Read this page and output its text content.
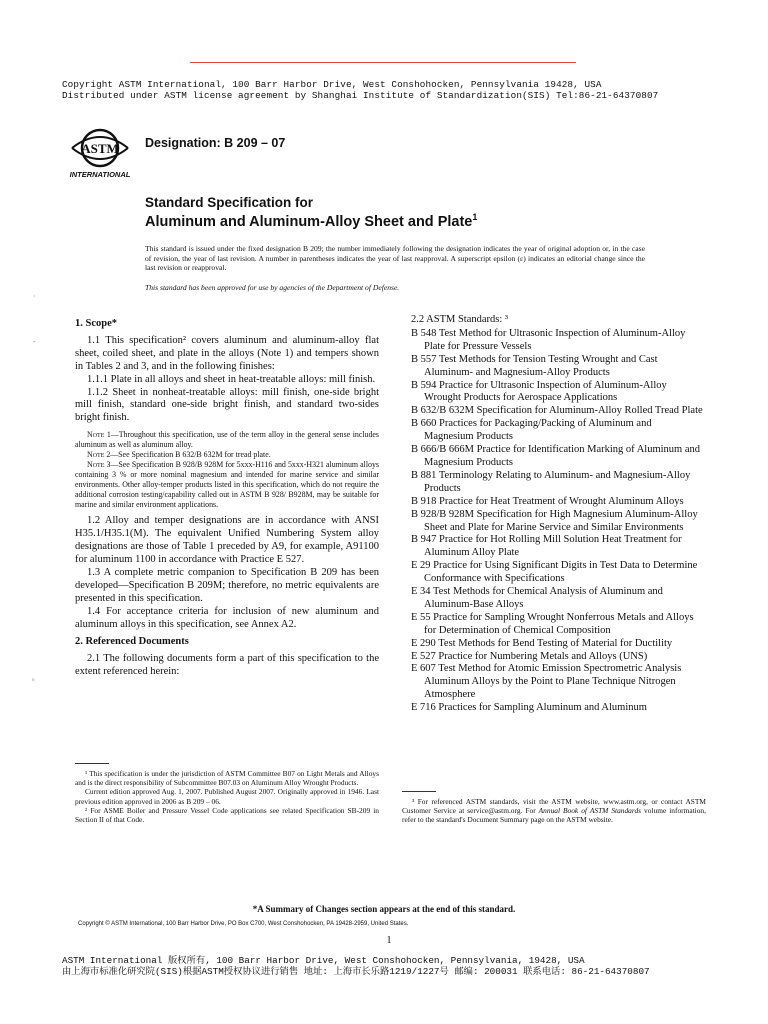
Copyright ASTM International, 100 Barr Harbor Drive, West Conshohocken, Pennsylvania 19428, USA
Distributed under ASTM license agreement by Shanghai Institute of Standardization(SIS) Tel:86-21-64370807
ASTM
INTERNATIONAL
Designation: B 209 – 07
Standard Specification for
Aluminum and Aluminum-Alloy Sheet and Plate$^1$
This standard is issued under the fixed designation B 209; the number immediately following the designation indicates the year of original adoption or, in the case of revision, the year of last revision. A number in parentheses indicates the year of last reapproval. A superscript epsilon (ε) indicates an editorial change since the last revision or reapproval.
This standard has been approved for use by agencies of the Department of Defense.
1. Scope*

1.1 This specification² covers aluminum and aluminum-alloy flat sheet, coiled sheet, and plate in the alloys (Note 1) and tempers shown in Tables 2 and 3, and in the following finishes:

1.1.1 Plate in all alloys and sheet in heat-treatable alloys: mill finish.

1.1.2 Sheet in nonheat-treatable alloys: mill finish, one-side bright mill finish, standard one-side bright finish, and standard two-sides bright finish.

Note 1—Throughout this specification, use of the term alloy in the general sense includes aluminum as well as aluminum alloy.

Note 2—See Specification B 632/B 632M for tread plate.

Note 3—See Specification B 928/B 928M for 5xxx-H116 and 5xxx-H321 aluminum alloys containing 3 % or more nominal magnesium and intended for marine service and similar environments. Other alloy-temper products listed in this specification, which do not require the additional corrosion testing/capability called out in ASTM B 928/ B928M, may be suitable for marine and similar environment applications.

1.2 Alloy and temper designations are in accordance with ANSI H35.1/H35.1(M). The equivalent Unified Numbering System alloy designations are those of Table 1 preceded by A9, for example, A91100 for aluminum 1100 in accordance with Practice E 527.

1.3 A complete metric companion to Specification B 209 has been developed—Specification B 209M; therefore, no metric equivalents are presented in this specification.

1.4 For acceptance criteria for inclusion of new aluminum and aluminum alloys in this specification, see Annex A2.

2. Referenced Documents

2.1 The following documents form a part of this specification to the extent referenced herein:

2.2 ASTM Standards: ³

B 548 Test Method for Ultrasonic Inspection of Aluminum-Alloy Plate for Pressure Vessels

B 557 Test Methods for Tension Testing Wrought and Cast Aluminum- and Magnesium-Alloy Products

B 594 Practice for Ultrasonic Inspection of Aluminum-Alloy Wrought Products for Aerospace Applications

B 632/B 632M Specification for Aluminum-Alloy Rolled Tread Plate

B 660 Practices for Packaging/Packing of Aluminum and Magnesium Products

B 666/B 666M Practice for Identification Marking of Aluminum and Magnesium Products

B 881 Terminology Relating to Aluminum- and Magnesium-Alloy Products

B 918 Practice for Heat Treatment of Wrought Aluminum Alloys

B 928/B 928M Specification for High Magnesium Aluminum-Alloy Sheet and Plate for Marine Service and Similar Environments

B 947 Practice for Hot Rolling Mill Solution Heat Treatment for Aluminum Alloy Plate

E 29 Practice for Using Significant Digits in Test Data to Determine Conformance with Specifications

E 34 Test Methods for Chemical Analysis of Aluminum and Aluminum-Base Alloys

E 55 Practice for Sampling Wrought Nonferrous Metals and Alloys for Determination of Chemical Composition

E 290 Test Methods for Bend Testing of Material for Ductility

E 527 Practice for Numbering Metals and Alloys (UNS)

E 607 Test Method for Atomic Emission Spectrometric Analysis Aluminum Alloys by the Point to Plane Technique Nitrogen Atmosphere

E 716 Practices for Sampling Aluminum and Aluminum

¹ This specification is under the jurisdiction of ASTM Committee B07 on Light Metals and Alloys and is the direct responsibility of Subcommittee B07.03 on Aluminum Alloy Wrought Products.

Current edition approved Aug. 1, 2007. Published August 2007. Originally approved in 1946. Last previous edition approved in 2006 as B 209 – 06.

² For ASME Boiler and Pressure Vessel Code applications see related Specification SB-209 in Section II of that Code.

³ For referenced ASTM standards, visit the ASTM website, www.astm.org, or contact ASTM Customer Service at service@astm.org. For Annual Book of ASTM Standards volume information, refer to the standard's Document Summary page on the ASTM website.

*A Summary of Changes section appears at the end of this standard.
Copyright © ASTM International, 100 Barr Harbor Drive, PO Box C700, West Conshohocken, PA 19428-2959, United States.
1
ASTM International 版权所有, 100 Barr Harbor Drive, West Conshohocken, Pennsylvania, 19428, USA
由上海市标准化研究院(SIS)根据ASTM授权协议进行销售 地址: 上海市长乐路1219/1227号 邮编: 200031 联系电话: 86-21-64370807
·
-
º
